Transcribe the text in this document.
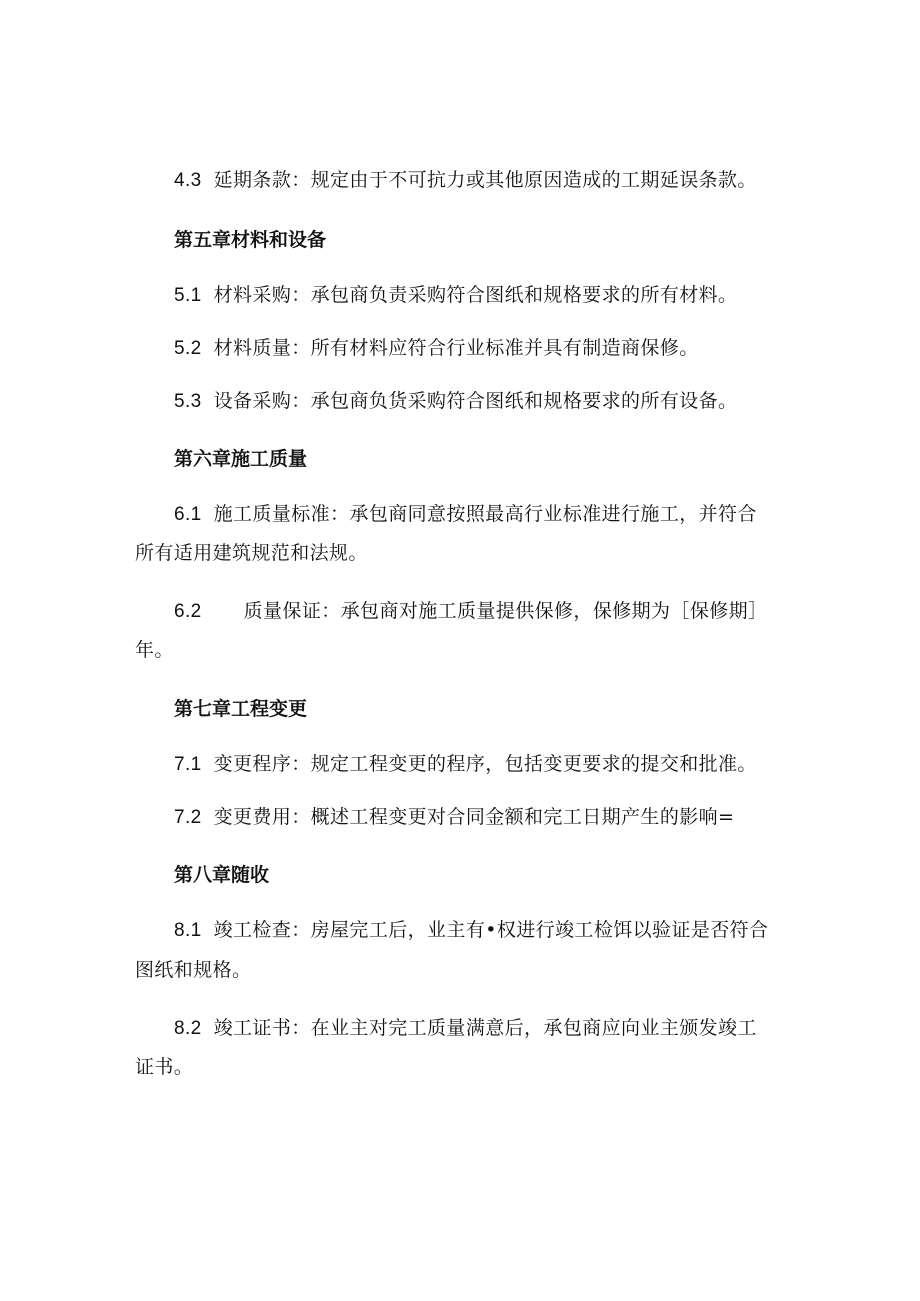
4.3 延期条款：规定由于不可抗力或其他原因造成的工期延误条款。
第五章材料和设备
5.1 材料采购：承包商负责采购符合图纸和规格要求的所有材料。
5.2 材料质量：所有材料应符合行业标准并具有制造商保修。
5.3 设备采购：承包商负货采购符合图纸和规格要求的所有设备。
第六章施工质量
6.1 施工质量标准：承包商同意按照最高行业标准进行施工，并符合
所有适用建筑规范和法规。
6.2 质量保证：承包商对施工质量提供保修，保修期为［保修期］
年。
第七章工程变更
7.1 变更程序：规定工程变更的程序，包括变更要求的提交和批准。
7.2 变更费用：概述工程变更对合同金额和完工日期产生的影响=
第八章随收
8.1 竣工检查：房屋完工后，业主有•权进行竣工检饵以验证是否符合
图纸和规格。
8.2 竣工证书：在业主对完工质量满意后，承包商应向业主颁发竣工
证书。
